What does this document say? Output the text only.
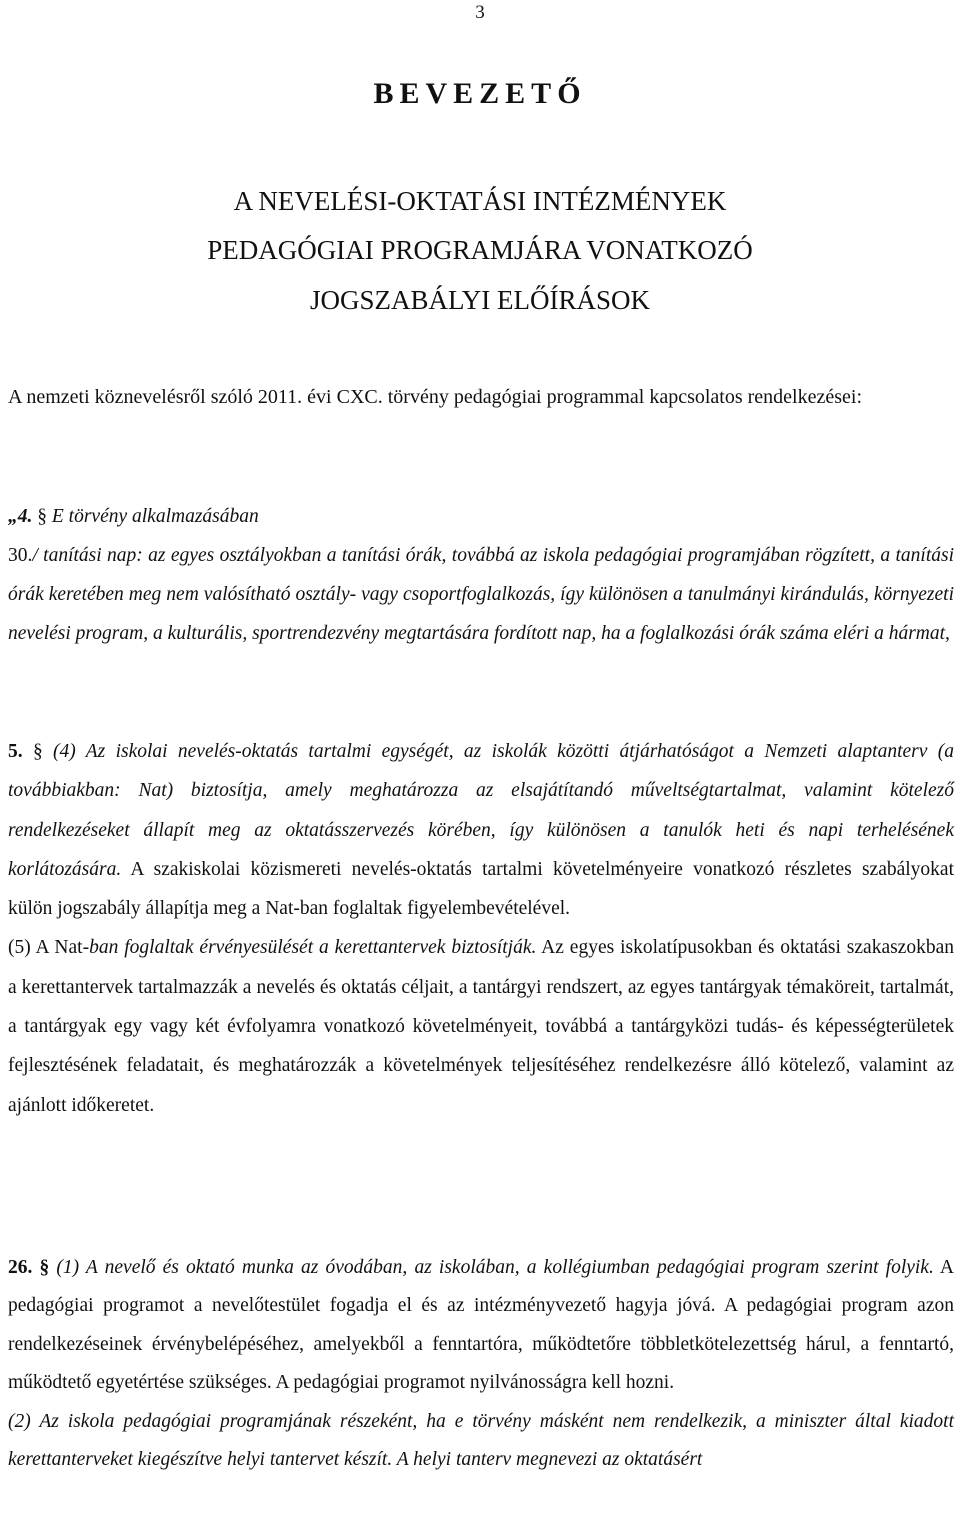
3
BEVEZETŐ
A NEVELÉSI-OKTATÁSI INTÉZMÉNYEK
PEDAGÓGIAI PROGRAMJÁRA VONATKOZÓ
JOGSZABÁLYI ELŐÍRÁSOK
A nemzeti köznevelésről szóló 2011. évi CXC. törvény pedagógiai programmal kapcsolatos rendelkezései:
„4. § E törvény alkalmazásában
30./ tanítási nap: az egyes osztályokban a tanítási órák, továbbá az iskola pedagógiai programjában rögzített, a tanítási órák keretében meg nem valósítható osztály- vagy csoportfoglalkozás, így különösen a tanulmányi kirándulás, környezeti nevelési program, a kulturális, sportrendezvény megtartására fordított nap, ha a foglalkozási órák száma eléri a hármat,
5. § (4) Az iskolai nevelés-oktatás tartalmi egységét, az iskolák közötti átjárhatóságot a Nemzeti alaptanterv (a továbbiakban: Nat) biztosítja, amely meghatározza az elsajátítandó műveltségtartalmat, valamint kötelező rendelkezéseket állapít meg az oktatásszervezés körében, így különösen a tanulók heti és napi terhelésének korlátozására. A szakiskolai közismereti nevelés-oktatás tartalmi követelményeire vonatkozó részletes szabályokat külön jogszabály állapítja meg a Nat-ban foglaltak figyelembevételével.
(5) A Nat-ban foglaltak érvényesülését a kerettantervek biztosítják. Az egyes iskolatípusokban és oktatási szakaszokban a kerettantervek tartalmazzák a nevelés és oktatás céljait, a tantárgyi rendszert, az egyes tantárgyak témaköreit, tartalmát, a tantárgyak egy vagy két évfolyamra vonatkozó követelményeit, továbbá a tantárgyközi tudás- és képességterületek fejlesztésének feladatait, és meghatározzák a követelmények teljesítéséhez rendelkezésre álló kötelező, valamint az ajánlott időkeretet.
26. § (1) A nevelő és oktató munka az óvodában, az iskolában, a kollégiumban pedagógiai program szerint folyik. A pedagógiai programot a nevelőtestület fogadja el és az intézményvezető hagyja jóvá. A pedagógiai program azon rendelkezéseinek érvénybelépéséhez, amelyekből a fenntartóra, működtetőre többletkötelezettség hárul, a fenntartó, működtető egyetértése szükséges. A pedagógiai programot nyilvánosságra kell hozni.
(2) Az iskola pedagógiai programjának részeként, ha e törvény másként nem rendelkezik, a miniszter által kiadott kerettanterveket kiegészítve helyi tantervet készít. A helyi tanterv megnevezi az oktatásért
